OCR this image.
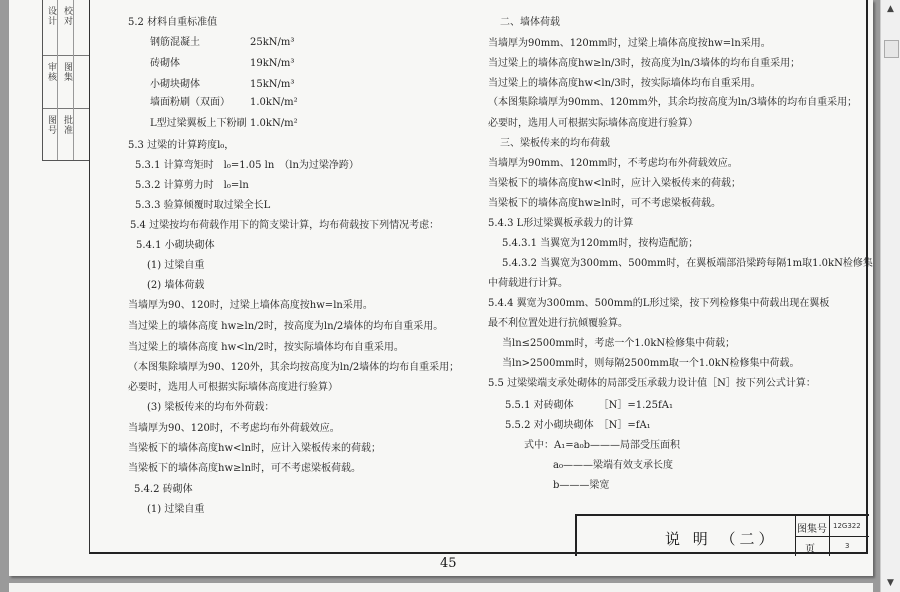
设计 校对
审核 图集
图号 批准
5.2 材料自重标准值
钢筋混凝土	25kN/m³
砖砌体	19kN/m³
小砌块砌体	15kN/m³
墙面粉刷（双面） 1.0kN/m²
L型过梁翼板上下粉刷 1.0kN/m²
5.3 过梁的计算跨度l₀，
5.3.1 计算弯矩时　l₀=1.05 ln　（ln为过梁净跨）
5.3.2 计算剪力时　l₀=ln
5.3.3 验算倾覆时取过梁全长L
5.4 过梁按均布荷载作用下的简支梁计算，均布荷载按下列情况考虑：
5.4.1 小砌块砌体
(1) 过梁自重
(2) 墙体荷载
当墙厚为90、120时，过梁上墙体高度按hw=ln采用。
当过梁上的墙体高度 hw≥ln/2时，按高度为ln/2墙体的均布自重采用。
当过梁上的墙体高度 hw<ln/2时，按实际墙体均布自重采用。
（本图集除墙厚为90、120外，其余均按高度为ln/2墙体的均布自重采用；
必要时，选用人可根据实际墙体高度进行验算）
(3) 梁板传来的均布外荷载：
当墙厚为90、120时，不考虑均布外荷载效应。
当梁板下的墙体高度hw<ln时，应计入梁板传来的荷载；
当梁板下的墙体高度hw≥ln时，可不考虑梁板荷载。
5.4.2 砖砌体
(1) 过梁自重
二、墙体荷载
当墙厚为90mm、120mm时，过梁上墙体高度按hw=ln采用。
当过梁上的墙体高度hw≥ln/3时，按高度为ln/3墙体的均布自重采用；
当过梁上的墙体高度hw<ln/3时，按实际墙体均布自重采用。
（本图集除墙厚为90mm、120mm外，其余均按高度为ln/3墙体的均布自重采用；
必要时，选用人可根据实际墙体高度进行验算）
三、梁板传来的均布荷载
当墙厚为90mm、120mm时，不考虑均布外荷载效应。
当梁板下的墙体高度hw<ln时，应计入梁板传来的荷载；
当梁板下的墙体高度hw≥ln时，可不考虑梁板荷载。
5.4.3 L形过梁翼板承载力的计算
5.4.3.1 当翼宽为120mm时，按构造配筋；
5.4.3.2 当翼宽为300mm、500mm时，在翼板端部沿梁跨每隔1m取1.0kN检修集
中荷载进行计算。
5.4.4 翼宽为300mm、500mm的L形过梁，按下列检修集中荷载出现在翼板
最不利位置处进行抗倾覆验算。
当ln≤2500mm时，考虑一个1.0kN检修集中荷载；
当ln>2500mm时，则每隔2500mm取一个1.0kN检修集中荷载。
5.5 过梁梁端支承处砌体的局部受压承载力设计值［N］按下列公式计算：
5.5.1 对砖砌体　　　［N］=1.25fA₁
5.5.2 对小砌块砌体　［N］=fA₁
式中：A₁=a₀b———局部受压面积
a₀———梁端有效支承长度
b———梁宽
说 明 （二）
图集号 12G322
页	3
45
▲
▼
